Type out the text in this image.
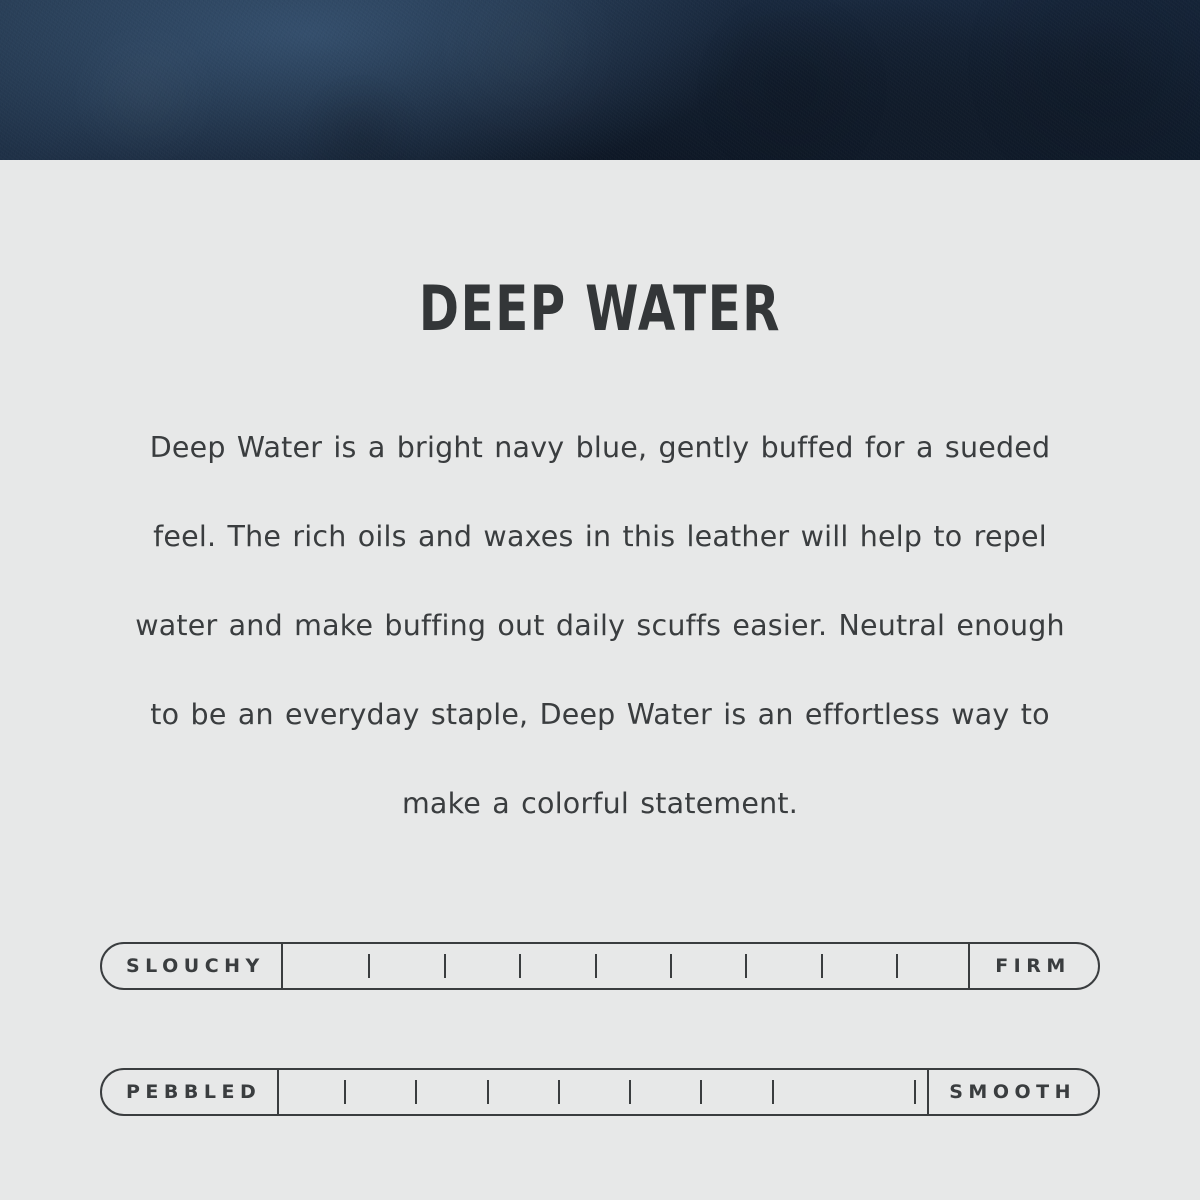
DEEP WATER

Deep Water is a bright navy blue, gently buffed for a sueded feel. The rich oils and waxes in this leather will help to repel water and make buffing out daily scuffs easier. Neutral enough to be an everyday staple, Deep Water is an effortless way to make a colorful statement.

SLOUCHY	FIRM
PEBBLED	SMOOTH
